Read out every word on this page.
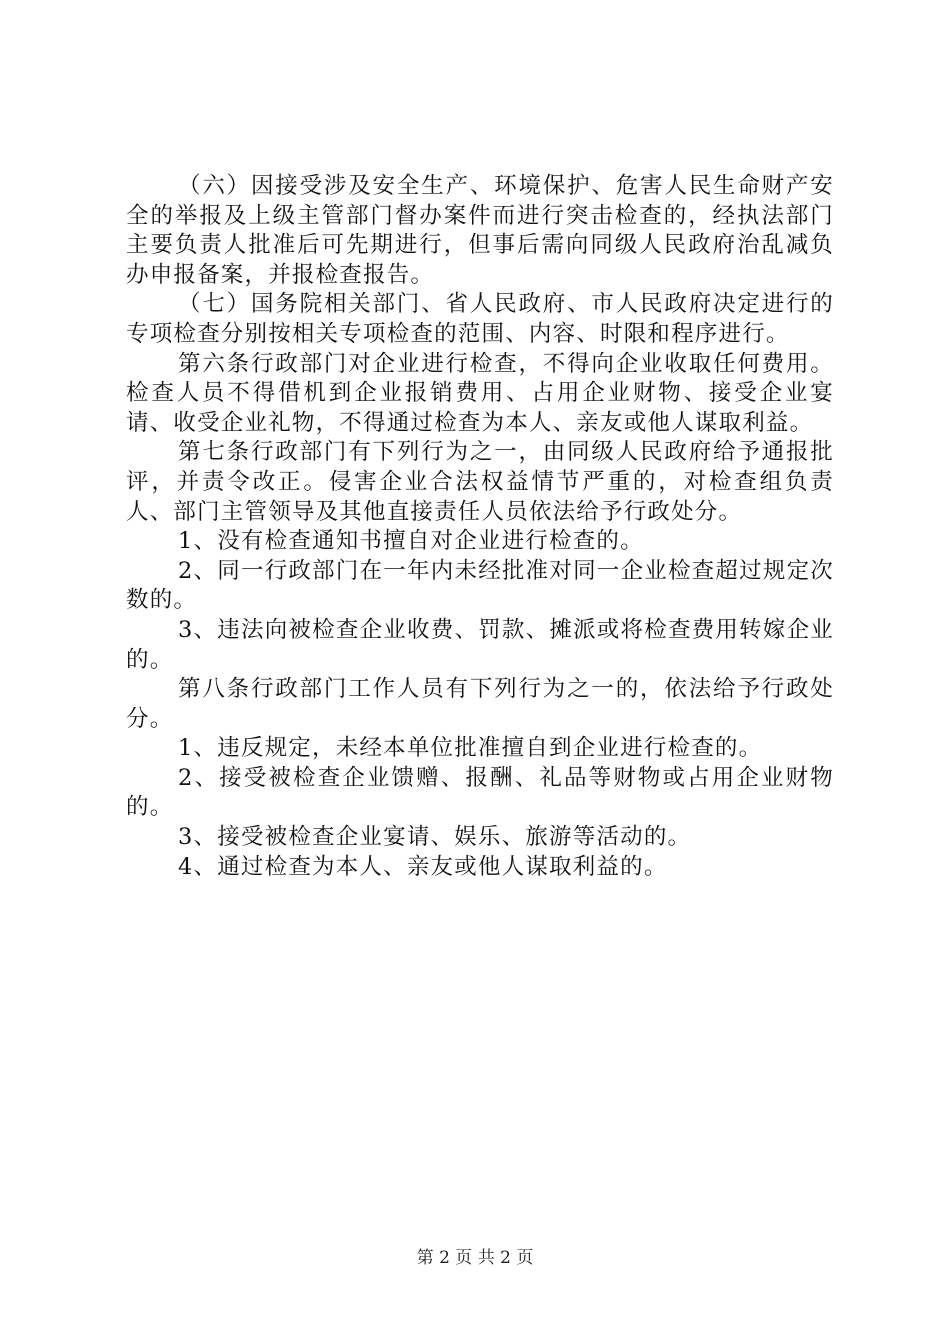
（六）因接受涉及安全生产、环境保护、危害人民生命财产安全的举报及上级主管部门督办案件而进行突击检查的，经执法部门主要负责人批准后可先期进行，但事后需向同级人民政府治乱减负办申报备案，并报检查报告。

（七）国务院相关部门、省人民政府、市人民政府决定进行的专项检查分别按相关专项检查的范围、内容、时限和程序进行。

第六条行政部门对企业进行检查，不得向企业收取任何费用。检查人员不得借机到企业报销费用、占用企业财物、接受企业宴请、收受企业礼物，不得通过检查为本人、亲友或他人谋取利益。

第七条行政部门有下列行为之一，由同级人民政府给予通报批评，并责令改正。侵害企业合法权益情节严重的，对检查组负责人、部门主管领导及其他直接责任人员依法给予行政处分。

1、没有检查通知书擅自对企业进行检查的。

2、同一行政部门在一年内未经批准对同一企业检查超过规定次数的。

3、违法向被检查企业收费、罚款、摊派或将检查费用转嫁企业的。

第八条行政部门工作人员有下列行为之一的，依法给予行政处分。

1、违反规定，未经本单位批准擅自到企业进行检查的。

2、接受被检查企业馈赠、报酬、礼品等财物或占用企业财物的。

3、接受被检查企业宴请、娱乐、旅游等活动的。

4、通过检查为本人、亲友或他人谋取利益的。

第 2 页 共 2 页
